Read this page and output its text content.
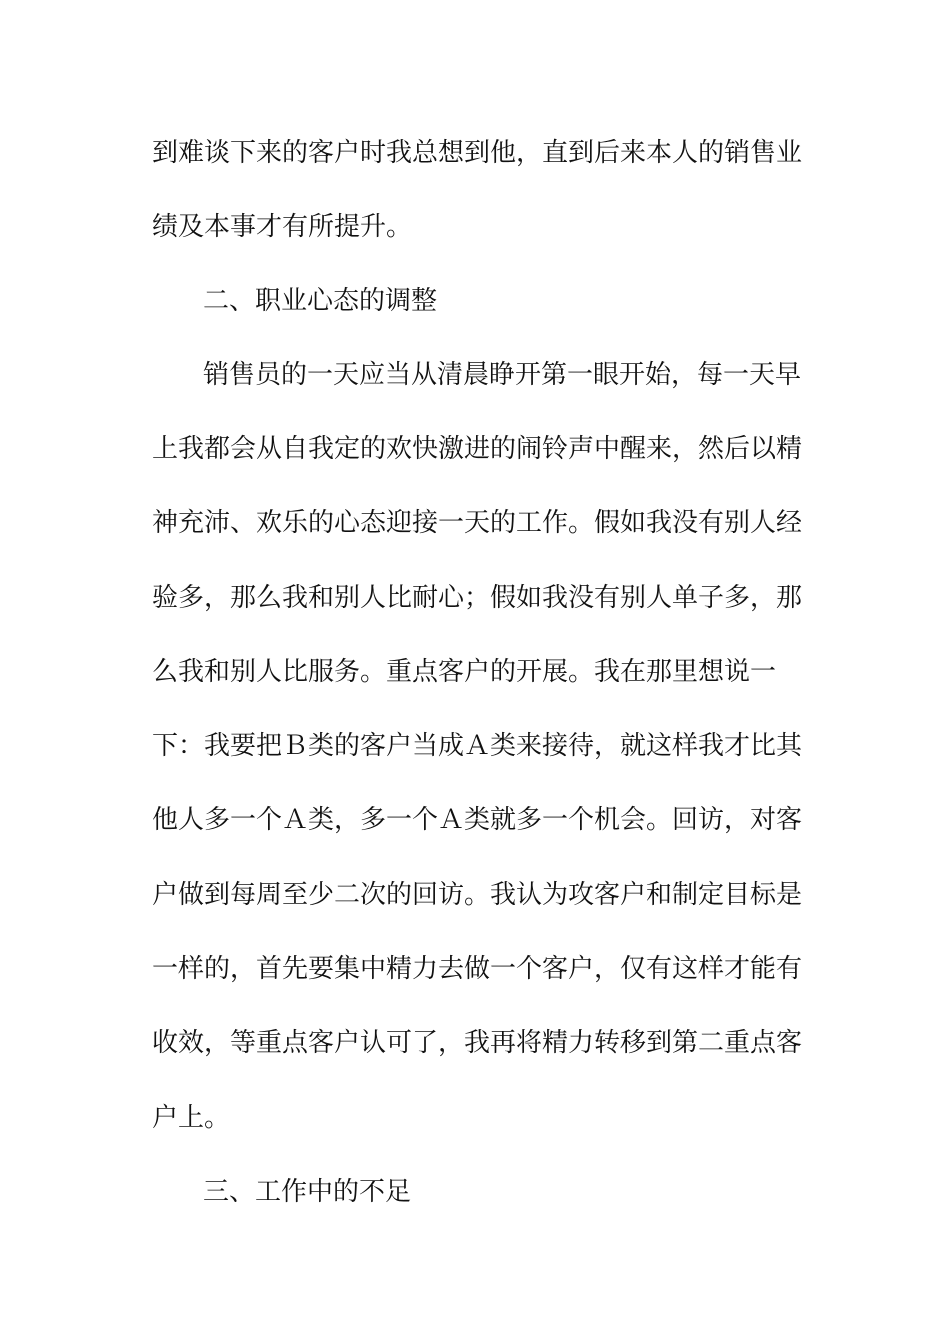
到难谈下来的客户时我总想到他，直到后来本人的销售业
绩及本事才有所提升。
二、职业心态的调整
销售员的一天应当从清晨睁开第一眼开始，每一天早
上我都会从自我定的欢快激进的闹铃声中醒来，然后以精
神充沛、欢乐的心态迎接一天的工作。假如我没有别人经
验多，那么我和别人比耐心；假如我没有别人单子多，那
么我和别人比服务。重点客户的开展。我在那里想说一
下：我要把Ｂ类的客户当成Ａ类来接待，就这样我才比其
他人多一个Ａ类，多一个Ａ类就多一个机会。回访，对客
户做到每周至少二次的回访。我认为攻客户和制定目标是
一样的，首先要集中精力去做一个客户，仅有这样才能有
收效，等重点客户认可了，我再将精力转移到第二重点客
户上。
三、工作中的不足
